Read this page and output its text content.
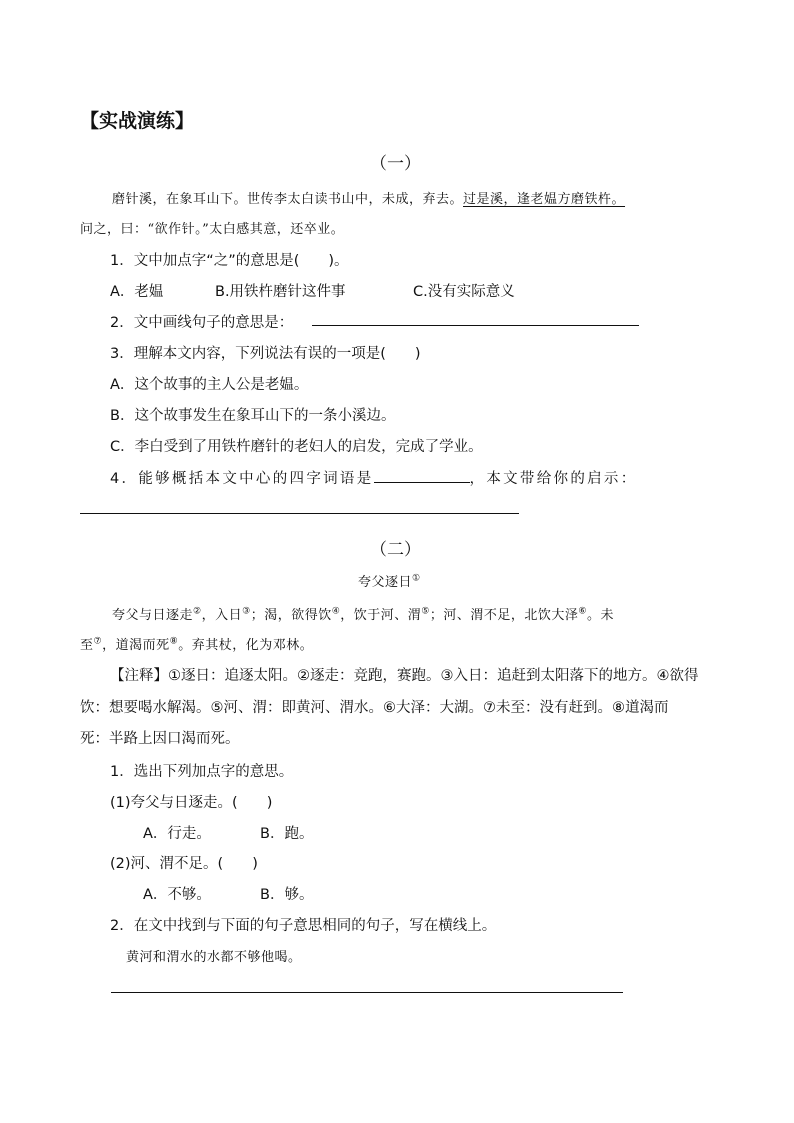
【实战演练】
（一）
磨针溪，在象耳山下。世传李太白读书山中，未成，弃去。过是溪，逢老媪方磨铁杵。
问之，曰：“欲作针。”太白感其意，还卒业。
1．文中加点字“之”的意思是(　　)。
A．老媪	B.用铁杵磨针这件事	C.没有实际意义
2．文中画线句子的意思是：
3．理解本文内容，下列说法有误的一项是(　　)
A．这个故事的主人公是老媪。
B．这个故事发生在象耳山下的一条小溪边。
C．李白受到了用铁杵磨针的老妇人的启发，完成了学业。
4．能够概括本文中心的四字词语是	，本文带给你的启示：
（二）
夸父逐日①
夸父与日逐走②，入日③；渴，欲得饮④，饮于河、渭⑤；河、渭不足，北饮大泽⑥。未
至⑦，道渴而死⑧。弃其杖，化为邓林。
【注释】①逐日：追逐太阳。②逐走：竞跑，赛跑。③入日：追赶到太阳落下的地方。④欲得
饮：想要喝水解渴。⑤河、渭：即黄河、渭水。⑥大泽：大湖。⑦未至：没有赶到。⑧道渴而
死：半路上因口渴而死。
1．选出下列加点字的意思。
(1)夸父与日逐走。(　　)
A．行走。	B．跑。
(2)河、渭不足。(　　)
A．不够。	B．够。
2．在文中找到与下面的句子意思相同的句子，写在横线上。
黄河和渭水的水都不够他喝。
